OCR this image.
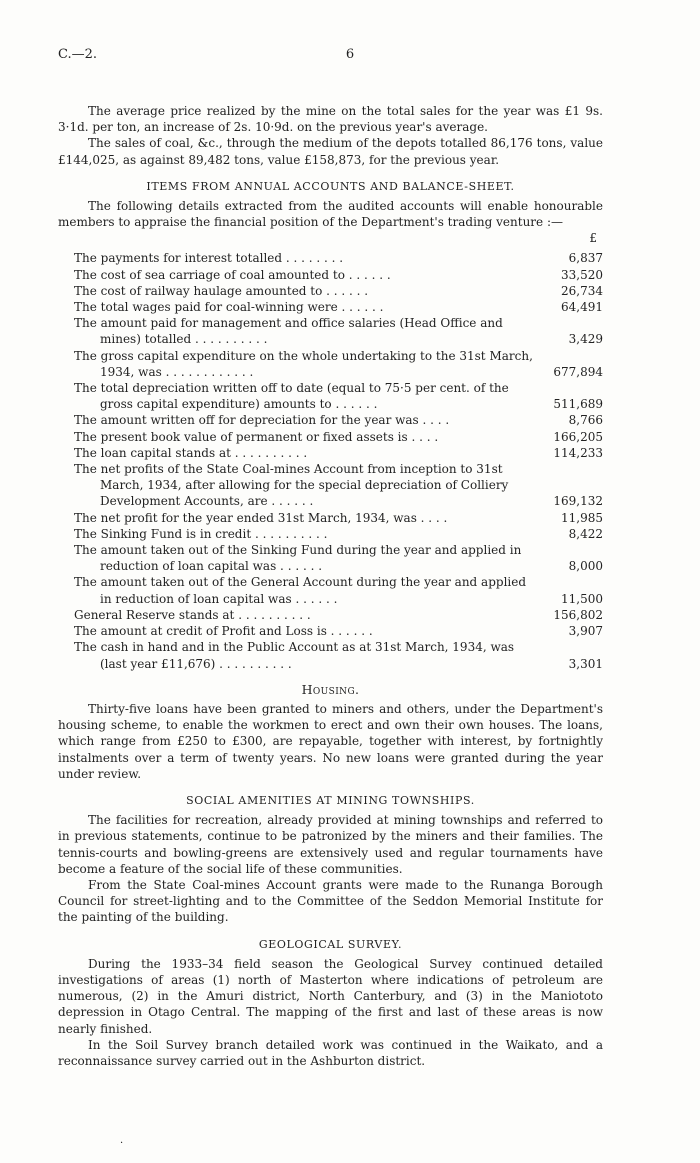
C.—2.	6

The average price realized by the mine on the total sales for the year was £1 9s. 3·1d. per ton, an increase of 2s. 10·9d. on the previous year's average.

The sales of coal, &c., through the medium of the depots totalled 86,176 tons, value £144,025, as against 89,482 tons, value £158,873, for the previous year.

ITEMS FROM ANNUAL ACCOUNTS AND BALANCE-SHEET.

The following details extracted from the audited accounts will enable honourable members to appraise the financial position of the Department's trading venture :—

£
The payments for interest totalled . . . . . . . .	6,837
The cost of sea carriage of coal amounted to . . . . . .	33,520
The cost of railway haulage amounted to . . . . . .	26,734
The total wages paid for coal-winning were . . . . . .	64,491
The amount paid for management and office salaries (Head Office and mines) totalled . . . . . . . . . .	3,429
The gross capital expenditure on the whole undertaking to the 31st March, 1934, was . . . . . . . . . . . .	677,894
The total depreciation written off to date (equal to 75·5 per cent. of the gross capital expenditure) amounts to . . . . . .	511,689
The amount written off for depreciation for the year was . . . .	8,766
The present book value of permanent or fixed assets is . . . .	166,205
The loan capital stands at . . . . . . . . . .	114,233
The net profits of the State Coal-mines Account from inception to 31st March, 1934, after allowing for the special depreciation of Colliery Development Accounts, are . . . . . .	169,132
The net profit for the year ended 31st March, 1934, was . . . .	11,985
The Sinking Fund is in credit . . . . . . . . . .	8,422
The amount taken out of the Sinking Fund during the year and applied in reduction of loan capital was . . . . . .	8,000
The amount taken out of the General Account during the year and applied in reduction of loan capital was . . . . . .	11,500
General Reserve stands at . . . . . . . . . .	156,802
The amount at credit of Profit and Loss is . . . . . .	3,907
The cash in hand and in the Public Account as at 31st March, 1934, was (last year £11,676) . . . . . . . . . .	3,301
Housing.

Thirty-five loans have been granted to miners and others, under the Department's housing scheme, to enable the workmen to erect and own their own houses. The loans, which range from £250 to £300, are repayable, together with interest, by fortnightly instalments over a term of twenty years. No new loans were granted during the year under review.

SOCIAL AMENITIES AT MINING TOWNSHIPS.

The facilities for recreation, already provided at mining townships and referred to in previous statements, continue to be patronized by the miners and their families. The tennis-courts and bowling-greens are extensively used and regular tournaments have become a feature of the social life of these communities.

From the State Coal-mines Account grants were made to the Runanga Borough Council for street-lighting and to the Committee of the Seddon Memorial Institute for the painting of the building.

GEOLOGICAL SURVEY.

During the 1933–34 field season the Geological Survey continued detailed investigations of areas (1) north of Masterton where indications of petroleum are numerous, (2) in the Amuri district, North Canterbury, and (3) in the Maniototo depression in Otago Central. The mapping of the first and last of these areas is now nearly finished.

In the Soil Survey branch detailed work was continued in the Waikato, and a reconnaissance survey carried out in the Ashburton district.

·
